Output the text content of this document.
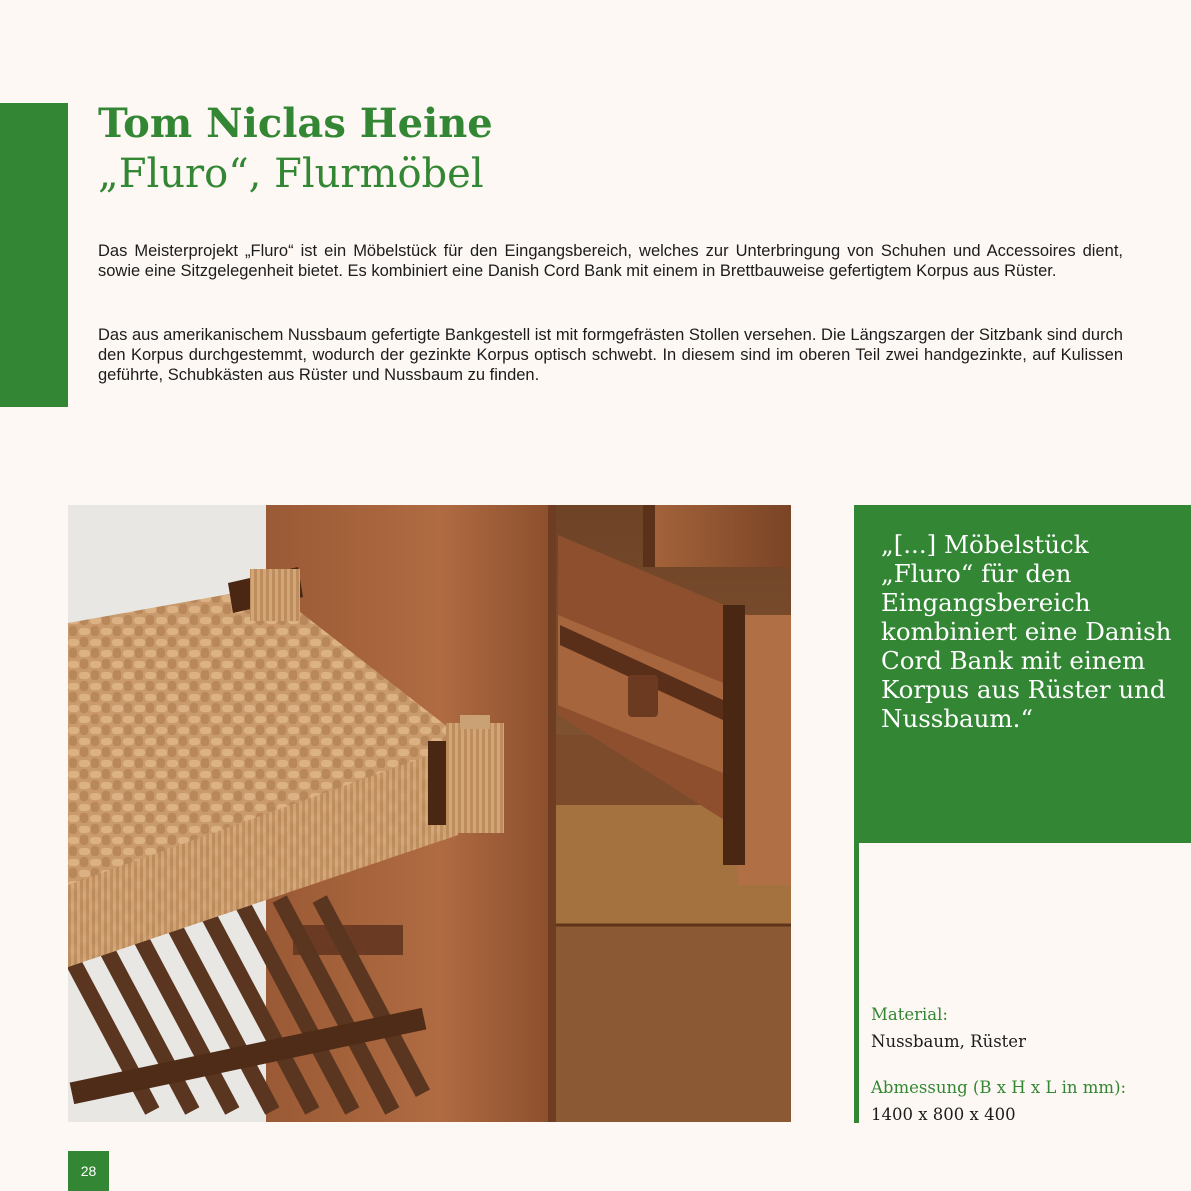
Tom Niclas Heine
„Fluro“, Flurmöbel

Das Meisterprojekt „Fluro“ ist ein Möbelstück für den Eingangsbereich, welches zur Unterbringung von Schuhen und Accessoires dient, sowie eine Sitzgelegenheit bietet. Es kombiniert eine Danish Cord Bank mit einem in Brettbauweise gefertigtem Korpus aus Rüster.

Das aus amerikanischem Nussbaum gefertigte Bankgestell ist mit formgefrästen Stollen versehen. Die Längszargen der Sitzbank sind durch den Korpus durchgestemmt, wodurch der gezinkte Korpus optisch schwebt. In diesem sind im oberen Teil zwei handgezinkte, auf Kulissen geführte, Schubkästen aus Rüster und Nussbaum zu finden.

„[...] Möbelstück „Fluro“ für den Eingangsbereich kombiniert eine Danish Cord Bank mit einem Korpus aus Rüster und Nussbaum.“

Material:

Nussbaum, Rüster

Abmessung (B x H x L in mm):

1400 x 800 x 400

28
